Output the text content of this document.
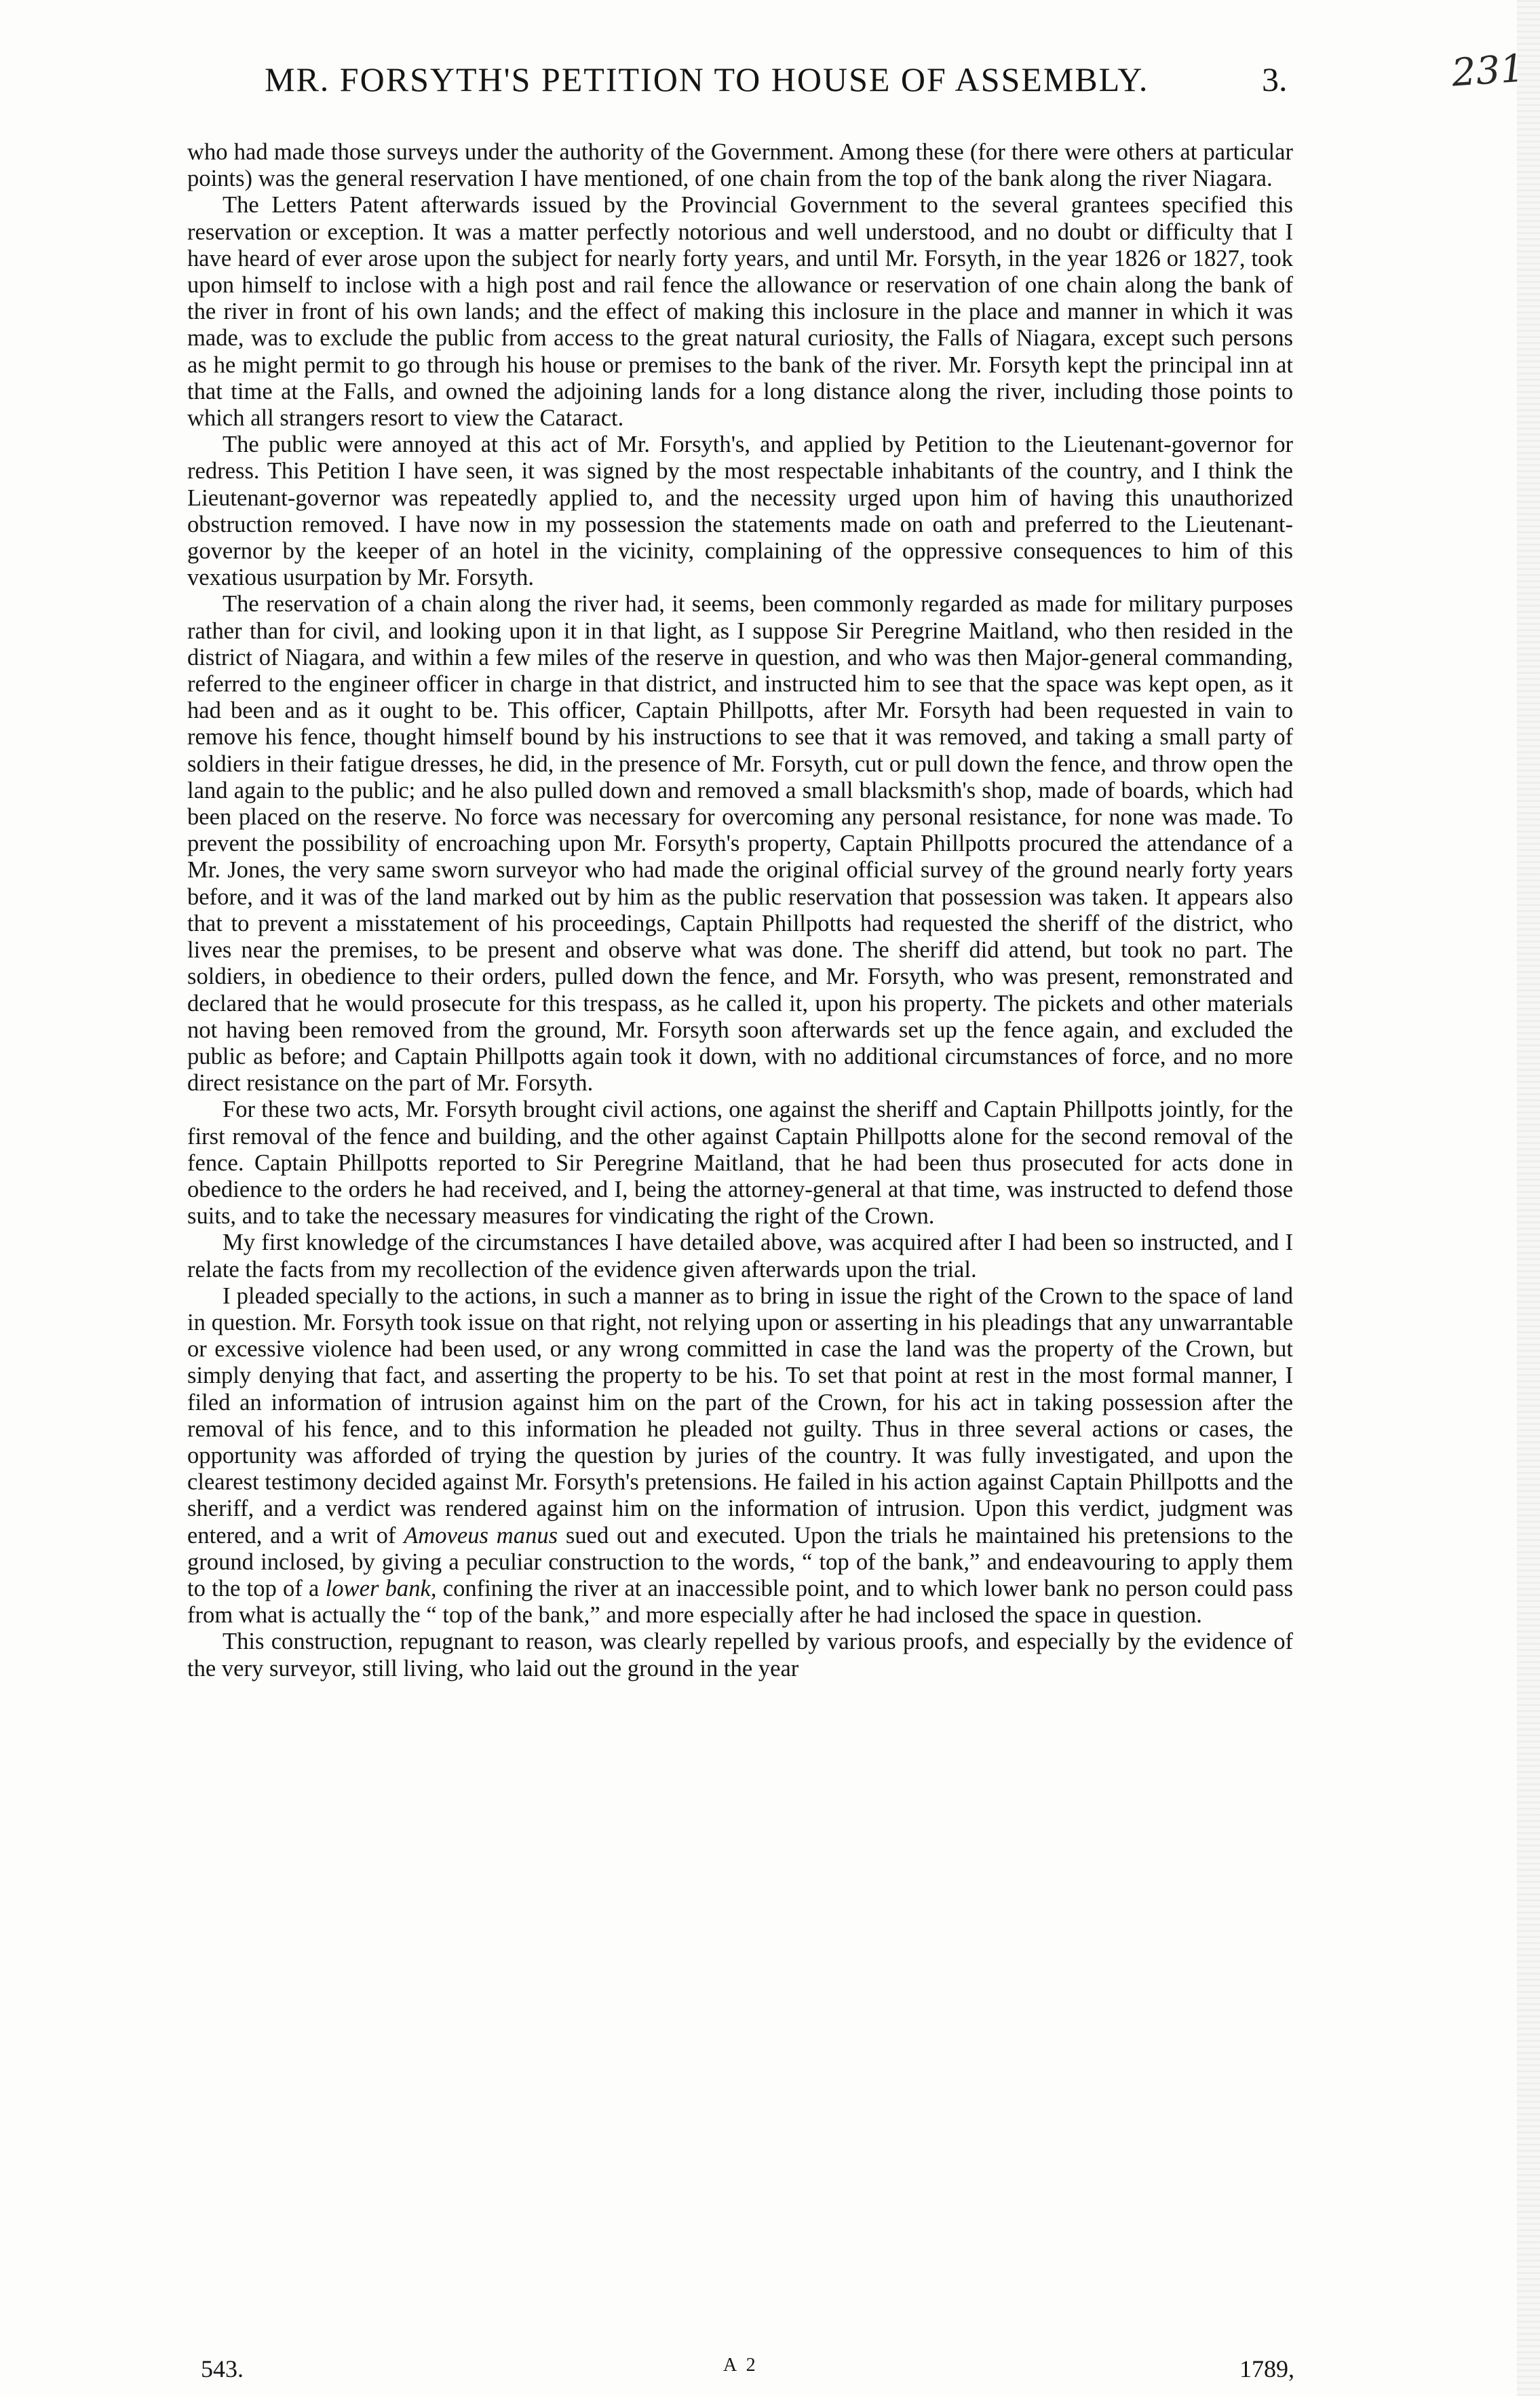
MR. FORSYTH'S PETITION TO HOUSE OF ASSEMBLY.	3.	231

who had made those surveys under the authority of the Government. Among these (for there were others at particular points) was the general reservation I have mentioned, of one chain from the top of the bank along the river Niagara.

The Letters Patent afterwards issued by the Provincial Government to the several grantees specified this reservation or exception. It was a matter perfectly notorious and well understood, and no doubt or difficulty that I have heard of ever arose upon the subject for nearly forty years, and until Mr. Forsyth, in the year 1826 or 1827, took upon himself to inclose with a high post and rail fence the allowance or reservation of one chain along the bank of the river in front of his own lands; and the effect of making this inclosure in the place and manner in which it was made, was to exclude the public from access to the great natural curiosity, the Falls of Niagara, except such persons as he might permit to go through his house or premises to the bank of the river. Mr. Forsyth kept the principal inn at that time at the Falls, and owned the adjoining lands for a long distance along the river, including those points to which all strangers resort to view the Cataract.

The public were annoyed at this act of Mr. Forsyth's, and applied by Petition to the Lieutenant-governor for redress. This Petition I have seen, it was signed by the most respectable inhabitants of the country, and I think the Lieutenant-governor was repeatedly applied to, and the necessity urged upon him of having this unauthorized obstruction removed. I have now in my possession the statements made on oath and preferred to the Lieutenant-governor by the keeper of an hotel in the vicinity, complaining of the oppressive consequences to him of this vexatious usurpation by Mr. Forsyth.

The reservation of a chain along the river had, it seems, been commonly regarded as made for military purposes rather than for civil, and looking upon it in that light, as I suppose Sir Peregrine Maitland, who then resided in the district of Niagara, and within a few miles of the reserve in question, and who was then Major-general commanding, referred to the engineer officer in charge in that district, and instructed him to see that the space was kept open, as it had been and as it ought to be. This officer, Captain Phillpotts, after Mr. Forsyth had been requested in vain to remove his fence, thought himself bound by his instructions to see that it was removed, and taking a small party of soldiers in their fatigue dresses, he did, in the presence of Mr. Forsyth, cut or pull down the fence, and throw open the land again to the public; and he also pulled down and removed a small blacksmith's shop, made of boards, which had been placed on the reserve. No force was necessary for overcoming any personal resistance, for none was made. To prevent the possibility of encroaching upon Mr. Forsyth's property, Captain Phillpotts procured the attendance of a Mr. Jones, the very same sworn surveyor who had made the original official survey of the ground nearly forty years before, and it was of the land marked out by him as the public reservation that possession was taken. It appears also that to prevent a misstatement of his proceedings, Captain Phillpotts had requested the sheriff of the district, who lives near the premises, to be present and observe what was done. The sheriff did attend, but took no part. The soldiers, in obedience to their orders, pulled down the fence, and Mr. Forsyth, who was present, remonstrated and declared that he would prosecute for this trespass, as he called it, upon his property. The pickets and other materials not having been removed from the ground, Mr. Forsyth soon afterwards set up the fence again, and excluded the public as before; and Captain Phillpotts again took it down, with no additional circumstances of force, and no more direct resistance on the part of Mr. Forsyth.

For these two acts, Mr. Forsyth brought civil actions, one against the sheriff and Captain Phillpotts jointly, for the first removal of the fence and building, and the other against Captain Phillpotts alone for the second removal of the fence. Captain Phillpotts reported to Sir Peregrine Maitland, that he had been thus prosecuted for acts done in obedience to the orders he had received, and I, being the attorney-general at that time, was instructed to defend those suits, and to take the necessary measures for vindicating the right of the Crown.

My first knowledge of the circumstances I have detailed above, was acquired after I had been so instructed, and I relate the facts from my recollection of the evidence given afterwards upon the trial.

I pleaded specially to the actions, in such a manner as to bring in issue the right of the Crown to the space of land in question. Mr. Forsyth took issue on that right, not relying upon or asserting in his pleadings that any unwarrantable or excessive violence had been used, or any wrong committed in case the land was the property of the Crown, but simply denying that fact, and asserting the property to be his. To set that point at rest in the most formal manner, I filed an information of intrusion against him on the part of the Crown, for his act in taking possession after the removal of his fence, and to this information he pleaded not guilty. Thus in three several actions or cases, the opportunity was afforded of trying the question by juries of the country. It was fully investigated, and upon the clearest testimony decided against Mr. Forsyth's pretensions. He failed in his action against Captain Phillpotts and the sheriff, and a verdict was rendered against him on the information of intrusion. Upon this verdict, judgment was entered, and a writ of Amoveus manus sued out and executed. Upon the trials he maintained his pretensions to the ground inclosed, by giving a peculiar construction to the words, “ top of the bank,” and endeavouring to apply them to the top of a lower bank, confining the river at an inaccessible point, and to which lower bank no person could pass from what is actually the “ top of the bank,” and more especially after he had inclosed the space in question.

This construction, repugnant to reason, was clearly repelled by various proofs, and especially by the evidence of the very surveyor, still living, who laid out the ground in the year

543.	A 2	1789,
